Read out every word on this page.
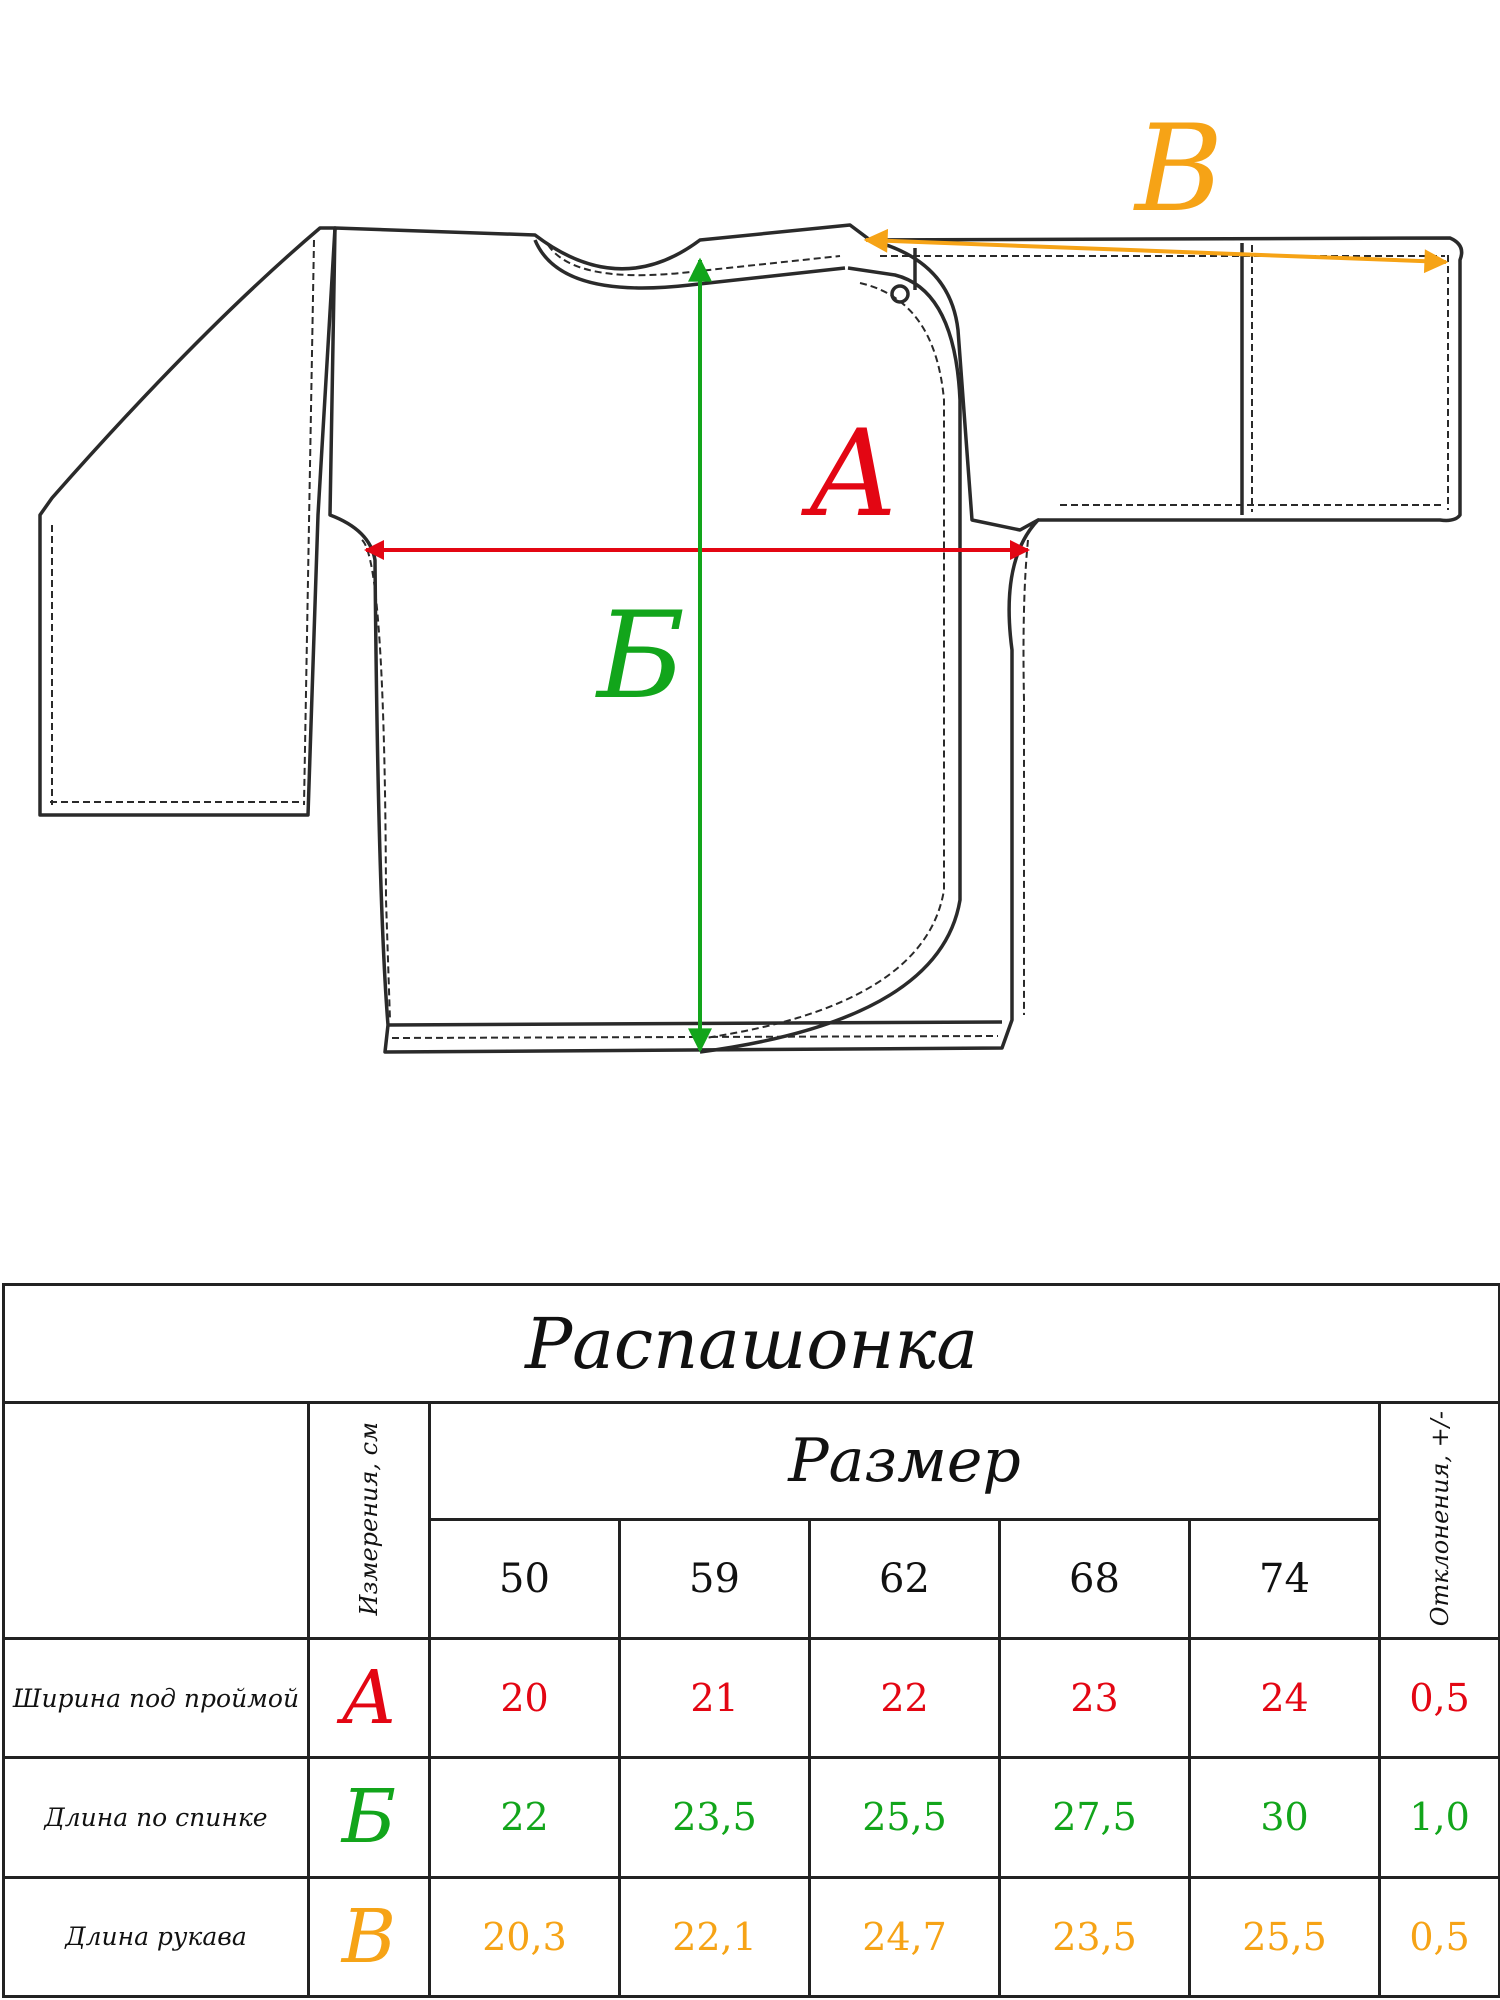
А
Б
В
Распашонка							
	Измерения, см	Размер					Отклонения, +/-
		50	59	62	68	74	
Ширина под проймой	А	20	21	22	23	24	0,5
Длина по спинке	Б	22	23,5	25,5	27,5	30	1,0
Длина рукава	В	20,3	22,1	24,7	23,5	25,5	0,5
